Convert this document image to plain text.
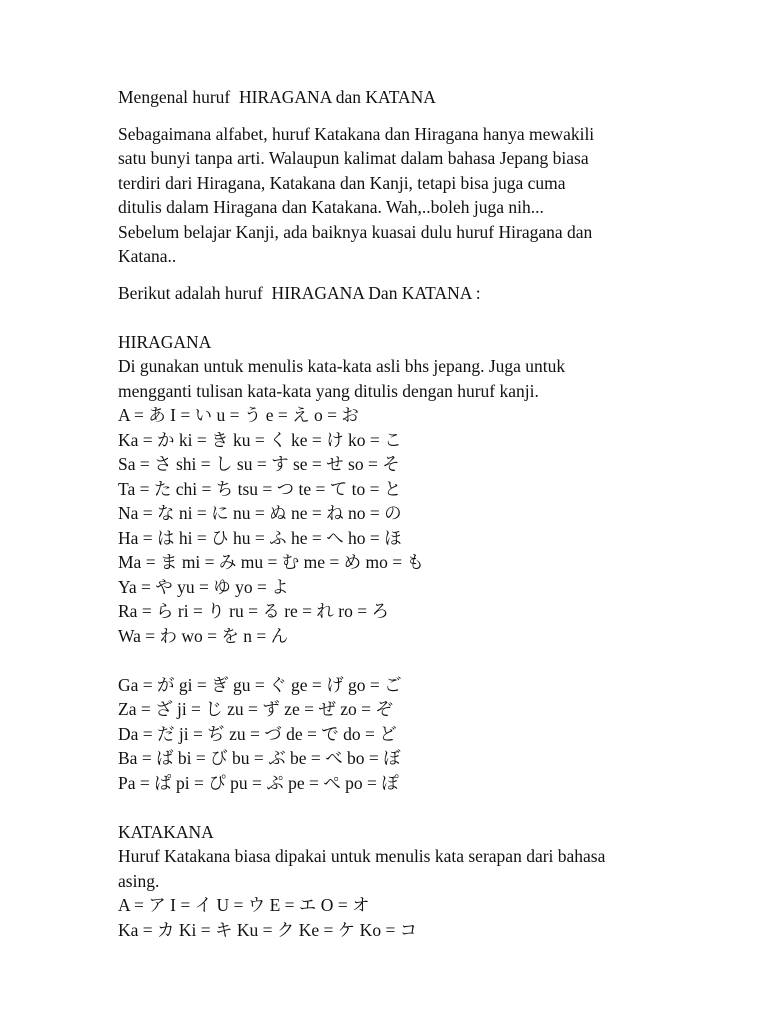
Mengenal huruf  HIRAGANA dan KATANA
Sebagaimana alfabet, huruf Katakana dan Hiragana hanya mewakili
satu bunyi tanpa arti. Walaupun kalimat dalam bahasa Jepang biasa
terdiri dari Hiragana, Katakana dan Kanji, tetapi bisa juga cuma
ditulis dalam Hiragana dan Katakana. Wah,..boleh juga nih...
Sebelum belajar Kanji, ada baiknya kuasai dulu huruf Hiragana dan
Katana..
Berikut adalah huruf  HIRAGANA Dan KATANA :
HIRAGANA
Di gunakan untuk menulis kata-kata asli bhs jepang. Juga untuk
mengganti tulisan kata-kata yang ditulis dengan huruf kanji.
A = あ I = い u = う e = え o = お
Ka = か ki = き ku = く ke = け ko = こ
Sa = さ shi = し su = す se = せ so = そ
Ta = た chi = ち tsu = つ te = て to = と
Na = な ni = に nu = ぬ ne = ね no = の
Ha = は hi = ひ hu = ふ he = へ ho = ほ
Ma = ま mi = み mu = む me = め mo = も
Ya = や yu = ゆ yo = よ
Ra = ら ri = り ru = る re = れ ro = ろ
Wa = わ wo = を n = ん
Ga = が gi = ぎ gu = ぐ ge = げ go = ご
Za = ざ ji = じ zu = ず ze = ぜ zo = ぞ
Da = だ ji = ぢ zu = づ de = で do = ど
Ba = ば bi = び bu = ぶ be = べ bo = ぼ
Pa = ぱ pi = ぴ pu = ぷ pe = ぺ po = ぽ
KATAKANA
Huruf Katakana biasa dipakai untuk menulis kata serapan dari bahasa
asing.
A = ア I = イ U = ウ E = エ O = オ
Ka = カ Ki = キ Ku = ク Ke = ケ Ko = コ
